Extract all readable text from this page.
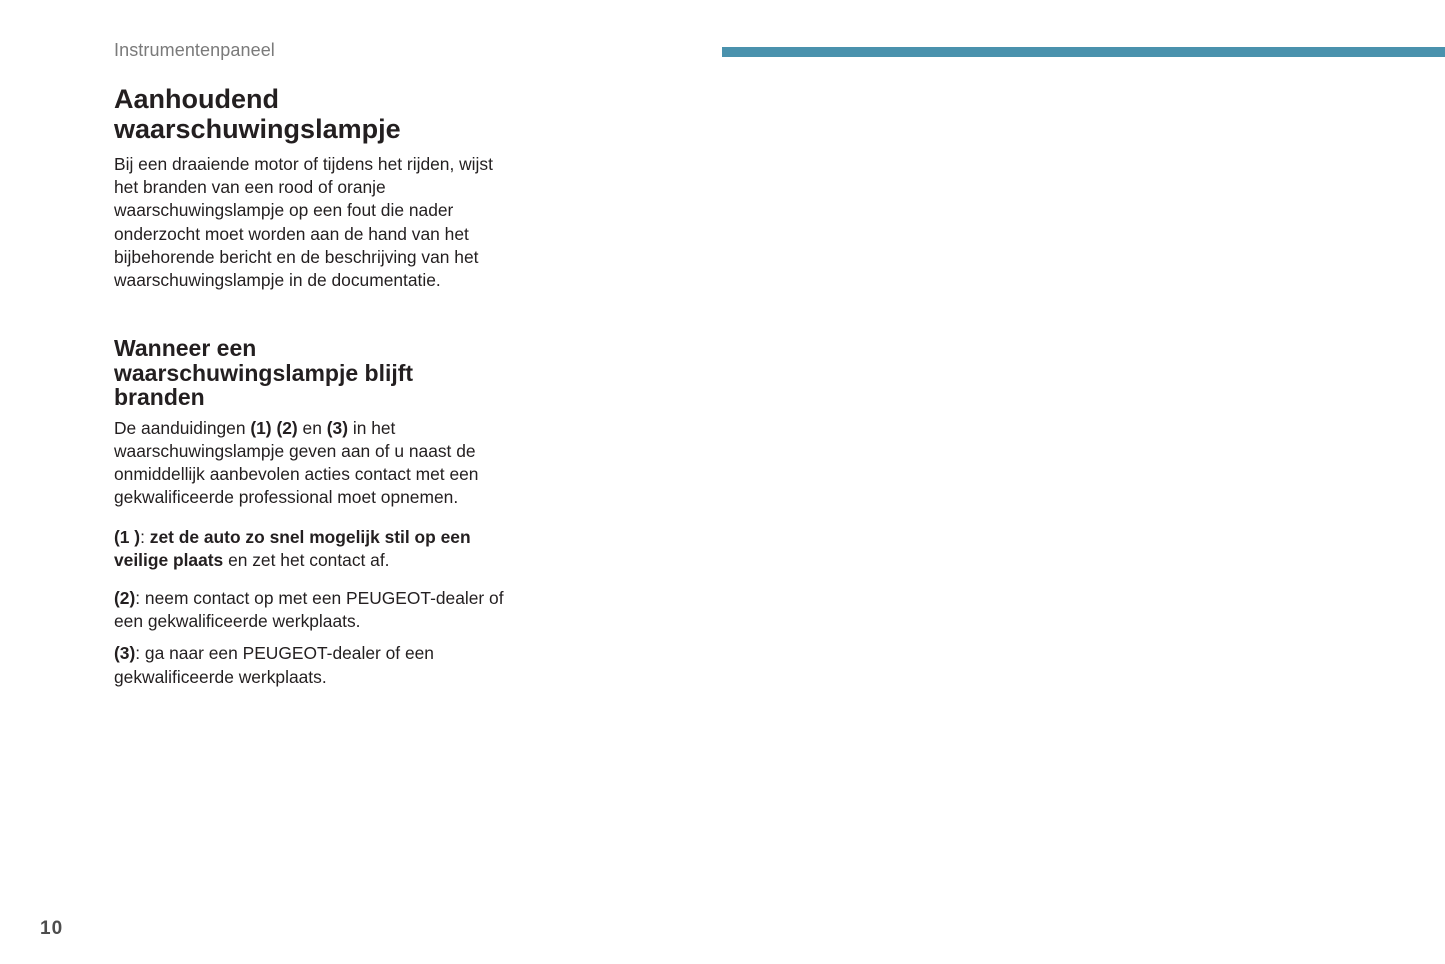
Instrumentenpaneel
Aanhoudend
waarschuwingslampje

Bij een draaiende motor of tijdens het rijden, wijst het branden van een rood of oranje waarschuwingslampje op een fout die nader onderzocht moet worden aan de hand van het bijbehorende bericht en de beschrijving van het waarschuwingslampje in de documentatie.

Wanneer een
waarschuwingslampje blijft
branden

De aanduidingen (1) (2) en (3) in het waarschuwingslampje geven aan of u naast de onmiddellijk aanbevolen acties contact met een gekwalificeerde professional moet opnemen.

(1 ): zet de auto zo snel mogelijk stil op een veilige plaats en zet het contact af.

(2): neem contact op met een PEUGEOT-dealer of een gekwalificeerde werkplaats.

(3): ga naar een PEUGEOT-dealer of een gekwalificeerde werkplaats.

10
